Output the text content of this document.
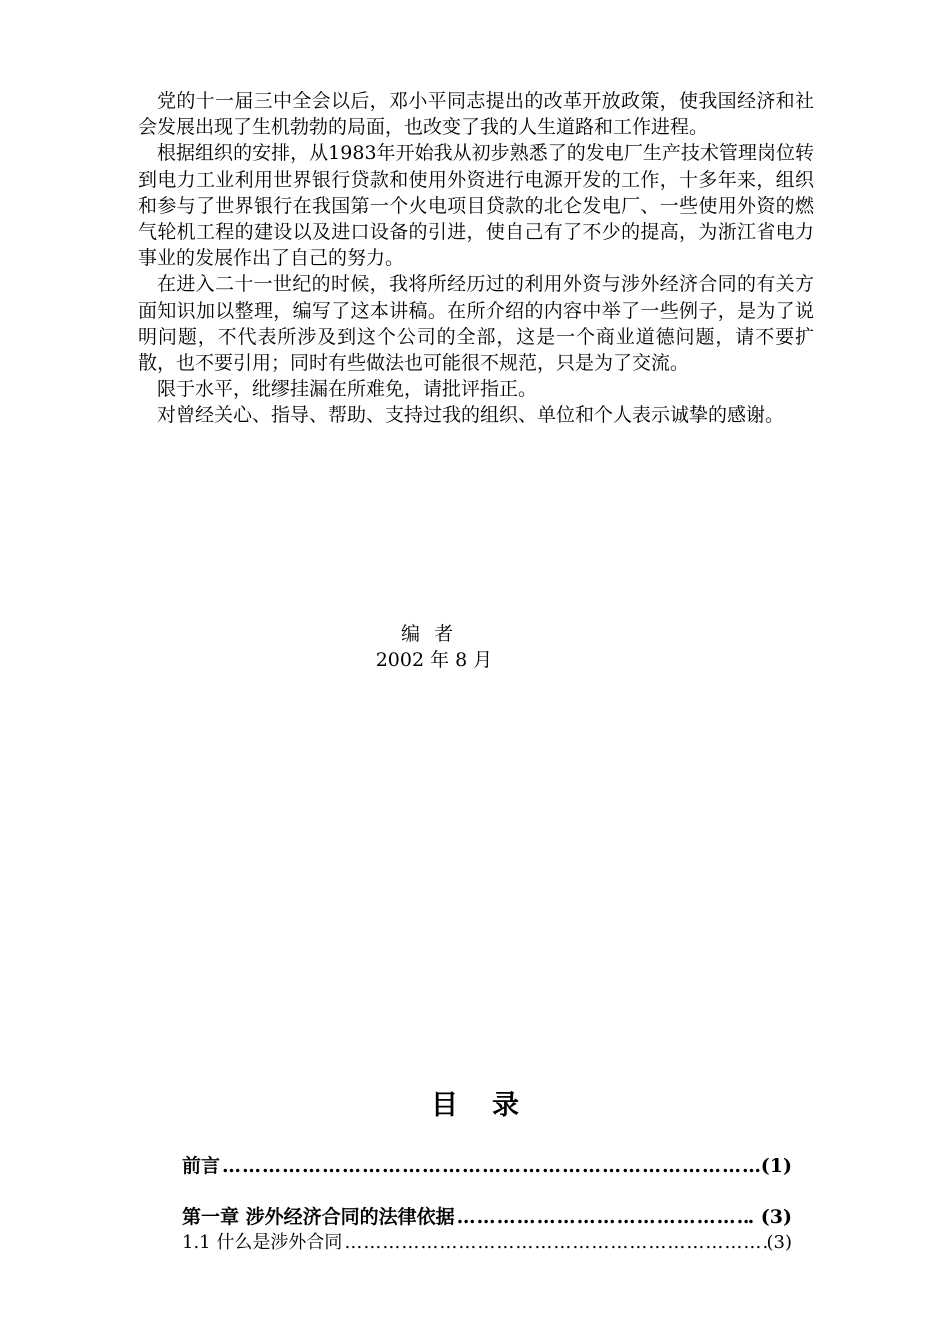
党的十一届三中全会以后，邓小平同志提出的改革开放政策，使我国经济和社会发展出现了生机勃勃的局面，也改变了我的人生道路和工作进程。

根据组织的安排，从1983年开始我从初步熟悉了的发电厂生产技术管理岗位转到电力工业利用世界银行贷款和使用外资进行电源开发的工作，十多年来，组织和参与了世界银行在我国第一个火电项目贷款的北仑发电厂、一些使用外资的燃气轮机工程的建设以及进口设备的引进，使自己有了不少的提高，为浙江省电力事业的发展作出了自己的努力。

在进入二十一世纪的时候，我将所经历过的利用外资与涉外经济合同的有关方面知识加以整理，编写了这本讲稿。在所介绍的内容中举了一些例子，是为了说明问题，不代表所涉及到这个公司的全部，这是一个商业道德问题，请不要扩散，也不要引用；同时有些做法也可能很不规范，只是为了交流。

限于水平，纰缪挂漏在所难免，请批评指正。

对曾经关心、指导、帮助、支持过我的组织、单位和个人表示诚挚的感谢。

编者
2002 年 8 月
目录
前言 …………………………………………………………………………………………………………	(1)
第一章 涉外经济合同的法律依据 …………………………………………………………………………………………………………	. (3)
1.1 什么是涉外合同 …………………………………………………………………………………………………………	(3)
